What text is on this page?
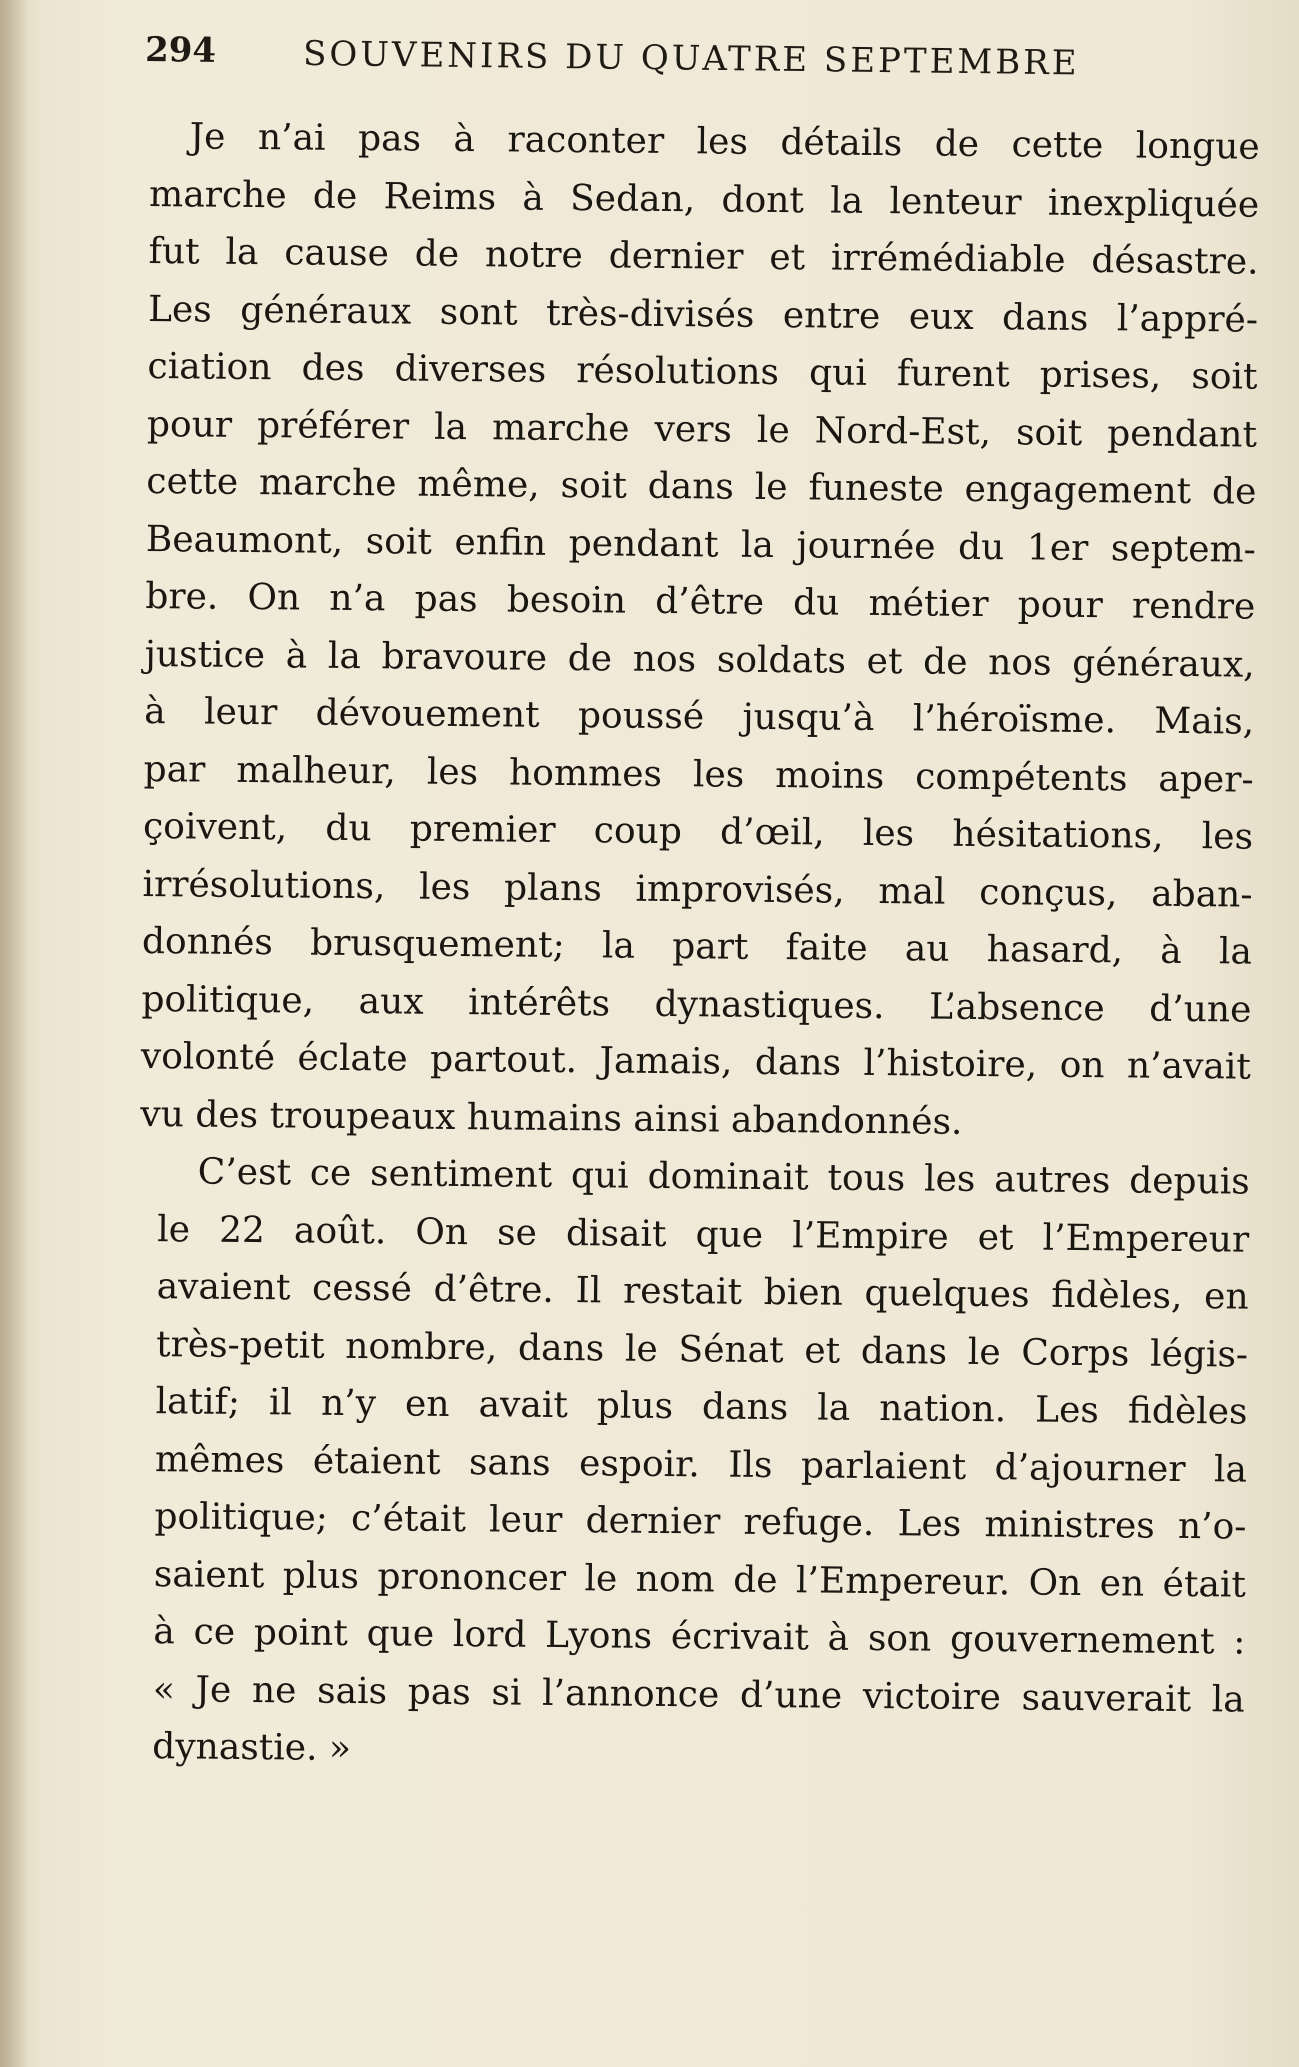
294	SOUVENIRS DU QUATRE SEPTEMBRE
Je n’ai pas à raconter les détails de cette longue
marche de Reims à Sedan, dont la lenteur inexpliquée
fut la cause de notre dernier et irrémédiable désastre.
Les généraux sont très-divisés entre eux dans l’appré-
ciation des diverses résolutions qui furent prises, soit
pour préférer la marche vers le Nord-Est, soit pendant
cette marche même, soit dans le funeste engagement de
Beaumont, soit enfin pendant la journée du 1er septem-
bre. On n’a pas besoin d’être du métier pour rendre
justice à la bravoure de nos soldats et de nos généraux,
à leur dévouement poussé jusqu’à l’héroïsme. Mais,
par malheur, les hommes les moins compétents aper-
çoivent, du premier coup d’œil, les hésitations, les
irrésolutions, les plans improvisés, mal conçus, aban-
donnés brusquement; la part faite au hasard, à la
politique, aux intérêts dynastiques. L’absence d’une
volonté éclate partout. Jamais, dans l’histoire, on n’avait
vu des troupeaux humains ainsi abandonnés.
C’est ce sentiment qui dominait tous les autres depuis
le 22 août. On se disait que l’Empire et l’Empereur
avaient cessé d’être. Il restait bien quelques fidèles, en
très-petit nombre, dans le Sénat et dans le Corps légis-
latif; il n’y en avait plus dans la nation. Les fidèles
mêmes étaient sans espoir. Ils parlaient d’ajourner la
politique; c’était leur dernier refuge. Les ministres n’o-
saient plus prononcer le nom de l’Empereur. On en était
à ce point que lord Lyons écrivait à son gouvernement :
« Je ne sais pas si l’annonce d’une victoire sauverait la
dynastie. »
